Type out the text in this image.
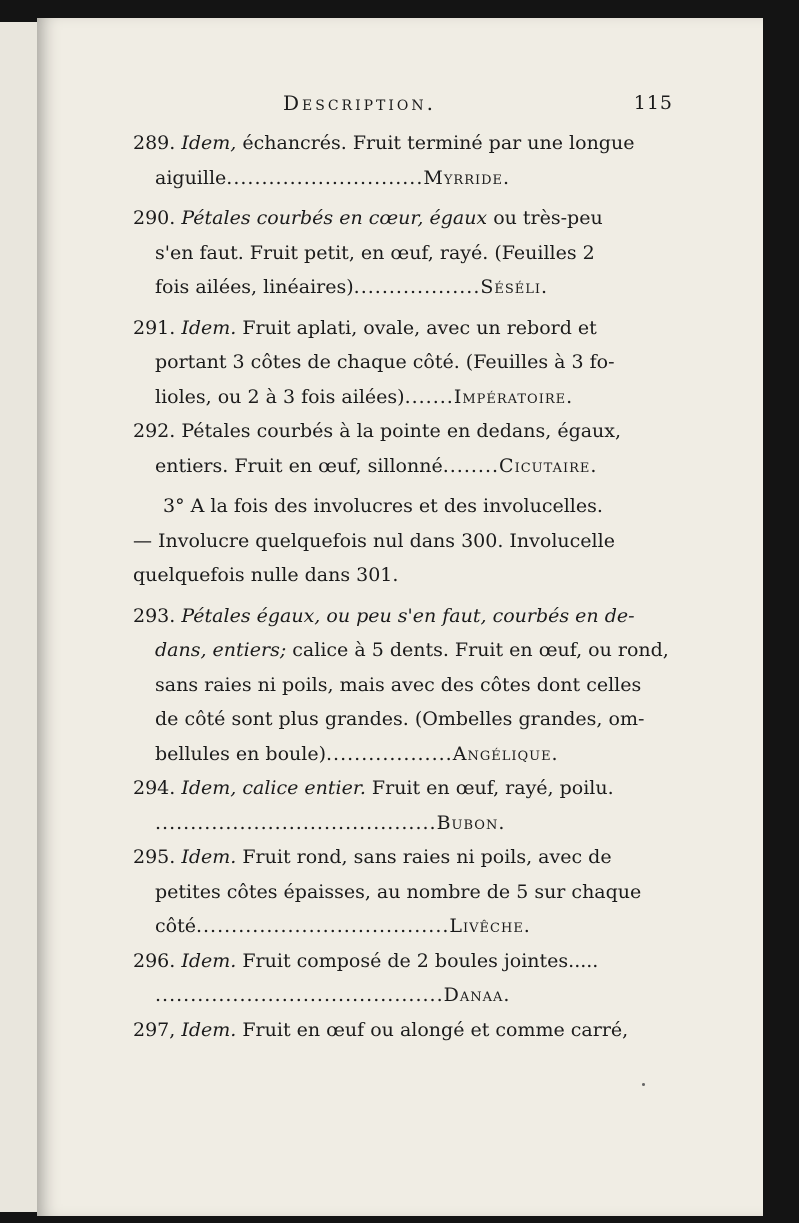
Description.	115
289. Idem, échancrés. Fruit terminé par une longue
aiguille............................Myrride.
290. Pétales courbés en cœur, égaux ou très-peu
s'en faut. Fruit petit, en œuf, rayé. (Feuilles 2
fois ailées, linéaires)..................Séséli.
291. Idem. Fruit aplati, ovale, avec un rebord et
portant 3 côtes de chaque côté. (Feuilles à 3 fo-
lioles, ou 2 à 3 fois ailées).......Impératoire.
292. Pétales courbés à la pointe en dedans, égaux,
entiers. Fruit en œuf, sillonné........Cicutaire.
3° A la fois des involucres et des involucelles.
— Involucre quelquefois nul dans 300. Involucelle
quelquefois nulle dans 301.
293. Pétales égaux, ou peu s'en faut, courbés en de-
dans, entiers; calice à 5 dents. Fruit en œuf, ou rond,
sans raies ni poils, mais avec des côtes dont celles
de côté sont plus grandes. (Ombelles grandes, om-
bellules en boule)..................Angélique.
294. Idem, calice entier. Fruit en œuf, rayé, poilu.
........................................Bubon.
295. Idem. Fruit rond, sans raies ni poils, avec de
petites côtes épaisses, au nombre de 5 sur chaque
côté....................................Livêche.
296. Idem. Fruit composé de 2 boules jointes.....
.........................................Danaa.
297, Idem. Fruit en œuf ou alongé et comme carré,
